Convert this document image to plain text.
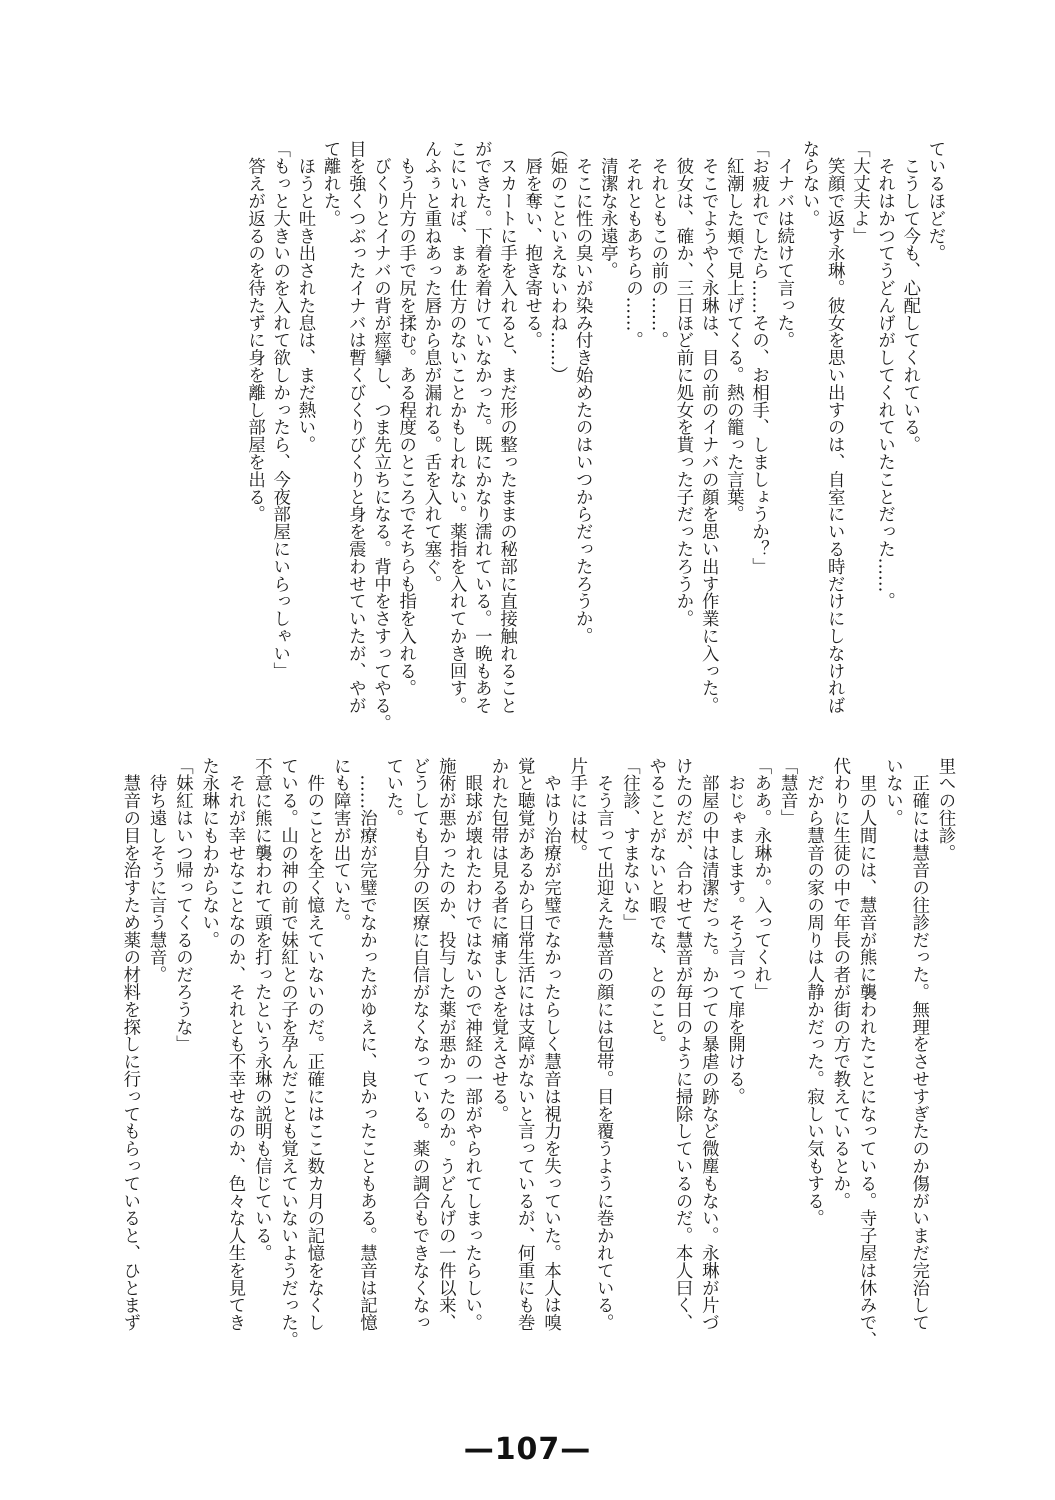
ているほどだ。
　こうして今も、心配してくれている。
　それはかつてうどんげがしてくれていたことだった……。
「大丈夫よ」
　笑顔で返す永琳。彼女を思い出すのは、自室にいる時だけにしなければ
ならない。
　イナバは続けて言った。
「お疲れでしたら……その、お相手、しましょうか？」
　紅潮した頬で見上げてくる。熱の籠った言葉。
　そこでようやく永琳は、目の前のイナバの顔を思い出す作業に入った。
　彼女は、確か、三日ほど前に処女を貰った子だったろうか。
　それともこの前の……。
　それともあちらの……。
　清潔な永遠亭。
　そこに性の臭いが染み付き始めたのはいつからだったろうか。
（姫のこといえないわね……）
　唇を奪い、抱き寄せる。
　スカートに手を入れると、まだ形の整ったままの秘部に直接触れること
ができた。下着を着けていなかった。既にかなり濡れている。一晩もあそ
こにいれば、まぁ仕方のないことかもしれない。薬指を入れてかき回す。
んふぅと重ねあった唇から息が漏れる。舌を入れて塞ぐ。
　もう片方の手で尻を揉む。ある程度のところでそちらも指を入れる。
　びくりとイナバの背が痙攣し、つま先立ちになる。背中をさすってやる。
目を強くつぶったイナバは暫くびくりびくりと身を震わせていたが、やが
て離れた。
　ほうと吐き出された息は、まだ熱い。
「もっと大きいのを入れて欲しかったら、今夜部屋にいらっしゃい」
　答えが返るのを待たずに身を離し部屋を出る。
里への往診。
　正確には慧音の往診だった。無理をさせすぎたのか傷がいまだ完治して
いない。
　里の人間には、慧音が熊に襲われたことになっている。寺子屋は休みで、
代わりに生徒の中で年長の者が街の方で教えているとか。
　だから慧音の家の周りは人静かだった。寂しい気もする。
「慧音」
「ああ。永琳か。入ってくれ」
　おじゃまします。そう言って扉を開ける。
　部屋の中は清潔だった。かつての暴虐の跡など微塵もない。永琳が片づ
けたのだが、合わせて慧音が毎日のように掃除しているのだ。本人曰く、
やることがないと暇でな、とのこと。
「往診、すまないな」
　そう言って出迎えた慧音の顔には包帯。目を覆うように巻かれている。
片手には杖。
　やはり治療が完璧でなかったらしく慧音は視力を失っていた。本人は嗅
覚と聴覚があるから日常生活には支障がないと言っているが、何重にも巻
かれた包帯は見る者に痛ましさを覚えさせる。
　眼球が壊れたわけではないので神経の一部がやられてしまったらしい。
施術が悪かったのか、投与した薬が悪かったのか。うどんげの一件以来、
どうしても自分の医療に自信がなくなっている。薬の調合もできなくなっ
ていた。
　……治療が完璧でなかったがゆえに、良かったこともある。慧音は記憶
にも障害が出ていた。
　件のことを全く憶えていないのだ。正確にはここ数カ月の記憶をなくし
ている。山の神の前で妹紅との子を孕んだことも覚えていないようだった。
不意に熊に襲われて頭を打ったという永琳の説明も信じている。
　それが幸せなことなのか、それとも不幸せなのか、色々な人生を見てき
た永琳にもわからない。
「妹紅はいつ帰ってくるのだろうな」
　待ち遠しそうに言う慧音。
　慧音の目を治すため薬の材料を探しに行ってもらっていると、ひとまず
—107—
